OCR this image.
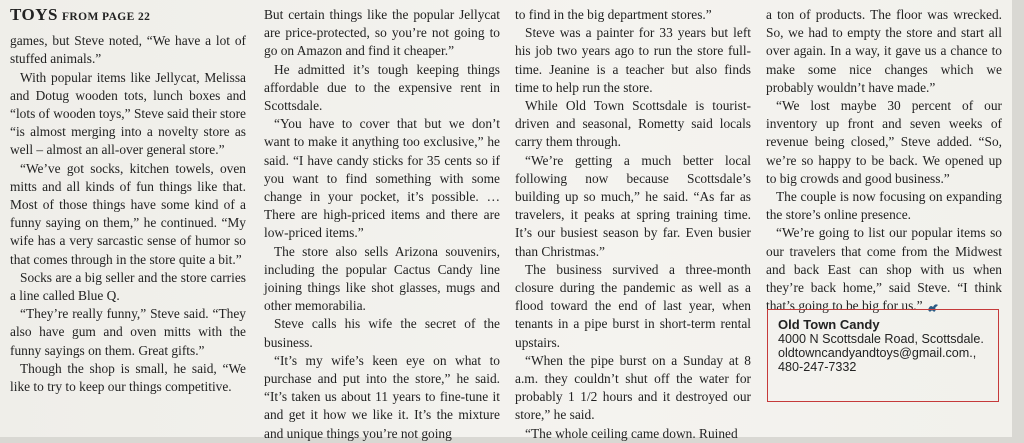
TOYS FROM PAGE 22

games, but Steve noted, “We have a lot of stuffed animals.”

With popular items like Jellycat, Melissa and Dotug wooden tots, lunch boxes and “lots of wooden toys,” Steve said their store “is almost merging into a novelty store as well – almost an all-over general store.”

“We’ve got socks, kitchen towels, oven mitts and all kinds of fun things like that. Most of those things have some kind of a funny saying on them,” he continued. “My wife has a very sarcastic sense of humor so that comes through in the store quite a bit.”

Socks are a big seller and the store carries a line called Blue Q.

“They’re really funny,” Steve said. “They also have gum and oven mitts with the funny sayings on them. Great gifts.”

Though the shop is small, he said, “We like to try to keep our things competitive.

But certain things like the popular Jellycat are price-protected, so you’re not going to go on Amazon and find it cheaper.”

He admitted it’s tough keeping things affordable due to the expensive rent in Scottsdale.

“You have to cover that but we don’t want to make it anything too exclusive,” he said. “I have candy sticks for 35 cents so if you want to find something with some change in your pocket, it’s possible. …There are high-priced items and there are low-priced items.”

The store also sells Arizona souvenirs, including the popular Cactus Candy line joining things like shot glasses, mugs and other memorabilia.

Steve calls his wife the secret of the business.

“It’s my wife’s keen eye on what to purchase and put into the store,” he said. “It’s taken us about 11 years to fine-tune it and get it how we like it. It’s the mixture and unique things you’re not going

to find in the big department stores.”

Steve was a painter for 33 years but left his job two years ago to run the store full-time. Jeanine is a teacher but also finds time to help run the store.

While Old Town Scottsdale is tourist-driven and seasonal, Rometty said locals carry them through.

“We’re getting a much better local following now because Scottsdale’s building up so much,” he said. “As far as travelers, it peaks at spring training time. It’s our busiest season by far. Even busier than Christmas.”

The business survived a three-month closure during the pandemic as well as a flood toward the end of last year, when tenants in a pipe burst in short-term rental upstairs.

“When the pipe burst on a Sunday at 8 a.m. they couldn’t shut off the water for probably 1 1/2 hours and it destroyed our store,” he said.

“The whole ceiling came down. Ruined

a ton of products. The floor was wrecked. So, we had to empty the store and start all over again. In a way, it gave us a chance to make some nice changes which we probably wouldn’t have made.”

“We lost maybe 30 percent of our inventory up front and seven weeks of revenue being closed,” Steve added. “So, we’re so happy to be back. We opened up to big crowds and good business.”

The couple is now focusing on expanding the store’s online presence.

“We’re going to list our popular items so our travelers that come from the Midwest and back East can shop with us when they’re back home,” said Steve. “I think that’s going to be big for us.”

Old Town Candy
4000 N Scottsdale Road, Scottsdale.
oldtowncandyandtoys@gmail.com., 480-247-7332
